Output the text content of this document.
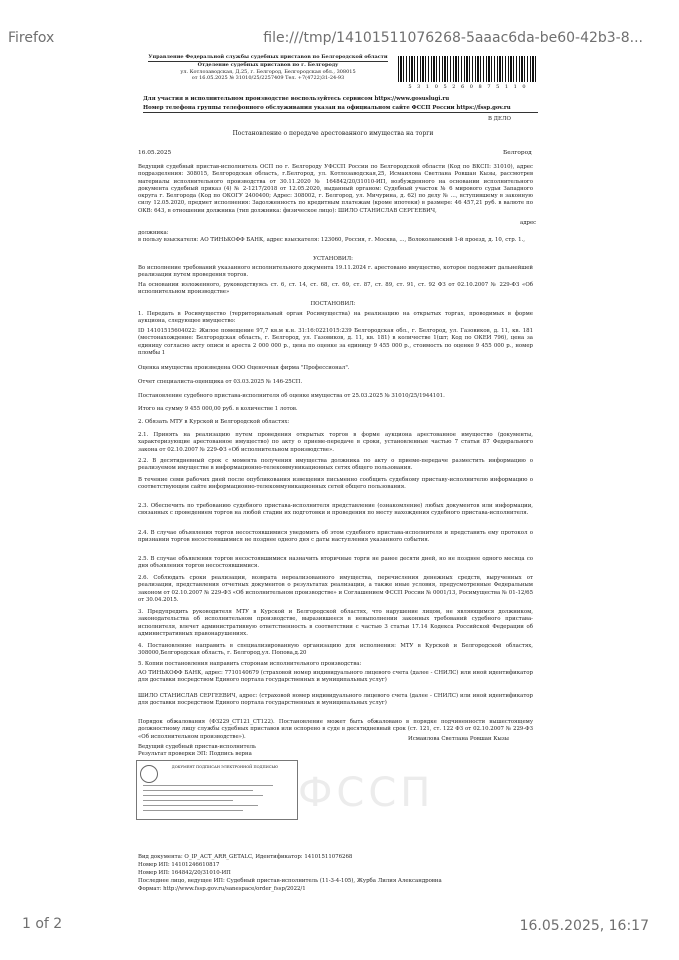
Firefox	file:///tmp/14101511076268-5aaac6da-be60-42b3-8...
Управление Федеральной службы судебных приставов по Белгородской области
Отделение судебных приставов по г. Белгороду
ул. Котлозаводская, Д.25, г. Белгород, Белгородская обл., 308015
от 16.05.2025 № 31010/25/2257409 Тел. +7(4722)31-24-93
5 3 1 0 5 2 6 0 8 7 5 1 1 0
Для участия в исполнительном производстве воспользуйтесь сервисом https://www.gosuslugi.ru
Номер телефона группы телефонного обслуживания указан на официальном сайте ФССП России https://fssp.gov.ru
В ДЕЛО
Постановление о передаче арестованного имущества на торги
16.05.2025	Белгород
Ведущий судебный пристав-исполнитель ОСП по г. Белгороду УФССП России по Белгородской области (Код по ВКСП: 31010), адрес подразделения: 308015, Белгородская область, г.Белгород, ул. Котлозаводская,25, Исмаилова Светлана Ровшан Кызы, рассмотрев материалы исполнительного производства от 30.11.2020 № 164842/20/31010-ИП, возбужденного на основании исполнительного документа судебный приказ (4) № 2-1217/2018 от 12.05.2020, выданный органом: Судебный участок № 6 мирового судьи Западного округа г. Белгорода (Код по ОКОГУ 2400400; Адрес: 308002, г. Белгород, ул. Мичурина, д. 62) по делу № ..., вступившему в законную силу 12.05.2020, предмет исполнения: Задолженность по кредитным платежам (кроме ипотеки) в размере: 46 457,21 руб. в валюте по ОКВ: 643, в отношении должника (тип должника: физическое лицо): ШИЛО СТАНИСЛАВ СЕРГЕЕВИЧ,
адрес
должника:
в пользу взыскателя: АО ТИНЬКОФФ БАНК, адрес взыскателя: 123060, Россия, г. Москва, ..., Волоколамский 1-й проезд, д. 10, стр. 1.,
УСТАНОВИЛ:
Во исполнение требований указанного исполнительного документа 19.11.2024 г. арестовано имущество, которое подлежит дальнейшей реализации путем проведения торгов.
На основании изложенного, руководствуясь ст. 6, ст. 14, ст. 68, ст. 69, ст. 87, ст. 89, ст. 91, ст. 92 ФЗ от 02.10.2007 № 229-ФЗ «Об исполнительном производстве»
ПОСТАНОВИЛ:
1. Передать в Росимущество (территориальный орган Росимущества) на реализацию на открытых торгах, проводимых в форме аукциона, следующее имущество:
ID 14101515604022: Жилое помещение 97,7 кв.м к.н. 31:16:0221015:239 Белгородская обл., г. Белгород, ул. Газовиков, д. 11, кв. 181 (местонахождение: Белгородская область, г. Белгород, ул. Газовиков, д. 11, кв. 181) в количестве 1(шт; Код по ОКЕИ 796), цена за единицу согласно акту описи и ареста 2 000 000 р., цена по оценке за единицу 9 455 000 р., стоимость по оценке 9 455 000 р., номер пломбы 1
Оценка имущества произведена ООО Оценочная фирма "Профессионал".
Отчет специалиста-оценщика от 03.03.2025 № 146-25СП.
Постановление судебного пристава-исполнителя об оценке имущества от 25.03.2025 № 31010/25/1944101.
Итого на сумму 9 455 000,00 руб. в количестве 1 лотов.
2. Обязать МТУ в Курской и Белгородской областях:
2.1. Принять на реализацию путем проведения открытых торгов в форме аукциона арестованное имущество (документы, характеризующие арестованное имущество) по акту о приеме-передаче в сроки, установленные частью 7 статьи 87 Федерального закона от 02.10.2007 № 229-ФЗ «Об исполнительном производстве».
2.2. В десятидневный срок с момента получения имущества должника по акту о приеме-передаче разместить информацию о реализуемом имуществе в информационно-телекоммуникационных сетях общего пользования.
В течение семи рабочих дней после опубликования извещения письменно сообщить судебному приставу-исполнителю информацию о соответствующем сайте информационно-телекоммуникационных сетей общего пользования.
2.3. Обеспечить по требованию судебного пристава-исполнителя представление (ознакомление) любых документов или информации, связанных с проведением торгов на любой стадии их подготовки и проведения по месту нахождения судебного пристава-исполнителя.
2.4. В случае объявления торгов несостоявшимися уведомить об этом судебного пристава-исполнителя и представить ему протокол о признании торгов несостоявшимися не позднее одного дня с даты наступления указанного события.
2.5. В случае объявления торгов несостоявшимися назначить вторичные торги не ранее десяти дней, но не позднее одного месяца со дня объявления торгов несостоявшимися.
2.6. Соблюдать сроки реализации, возврата нереализованного имущества, перечисления денежных средств, вырученных от реализации, представления отчетных документов о результатах реализации, а также иные условия, предусмотренные Федеральным законом от 02.10.2007 № 229-ФЗ «Об исполнительном производстве» и Соглашением ФССП России № 0001/13, Росимущества № 01-12/65 от 30.04.2015.
3. Предупредить руководителя МТУ в Курской и Белгородской областях, что нарушение лицом, не являющимся должником, законодательства об исполнительном производстве, выразившееся в невыполнении законных требований судебного пристава-исполнителя, влечет административную ответственность в соответствии с частью 3 статьи 17.14 Кодекса Российской Федерации об административных правонарушениях.
4. Постановление направить в специализированную организацию для исполнения: МТУ в Курской и Белгородской областях, 308000,Белгородская область, г. Белгород,ул. Попова,д.20
5. Копии постановления направить сторонам исполнительного производства:
АО ТИНЬКОФФ БАНК, адрес: 7710140679 (страховой номер индивидуального лицевого счета (далее - СНИЛС) или иной идентификатор для доставки посредством Единого портала государственных и муниципальных услуг)
ШИЛО СТАНИСЛАВ СЕРГЕЕВИЧ, адрес: (страховой номер индивидуального лицевого счета (далее - СНИЛС) или иной идентификатор для доставки посредством Единого портала государственных и муниципальных услуг)
Порядок обжалования (ФЗ229_СТ121_СТ122). Постановление может быть обжаловано в порядке подчиненности вышестоящему должностному лицу службы судебных приставов или оспорено в суде в десятидневный срок (ст. 121, ст. 122 ФЗ от 02.10.2007 № 229-ФЗ «Об исполнительном производстве»).
Ведущий судебный пристав-исполнитель
Исмаилова Светлана Ровшан Кызы
Результат проверки ЭП: Подпись верна
ДОКУМЕНТ ПОДПИСАН ЭЛЕКТРОННОЙ ПОДПИСЬЮ
ФССП
Вид документа: О_IP_ACT_ARR_GETALC, Идентификатор: 14101511076268
Номер ИП: 14101246610817
Номер ИП: 164842/20/31010-ИП
Последнее лицо, ведущее ИП: Судебный пристав-исполнитель (11-3-4-105), Журба Лилия Александровна
Формат: http://www.fssp.gov.ru/sanespace/order_fssp/2022/1
1 of 2	16.05.2025, 16:17
